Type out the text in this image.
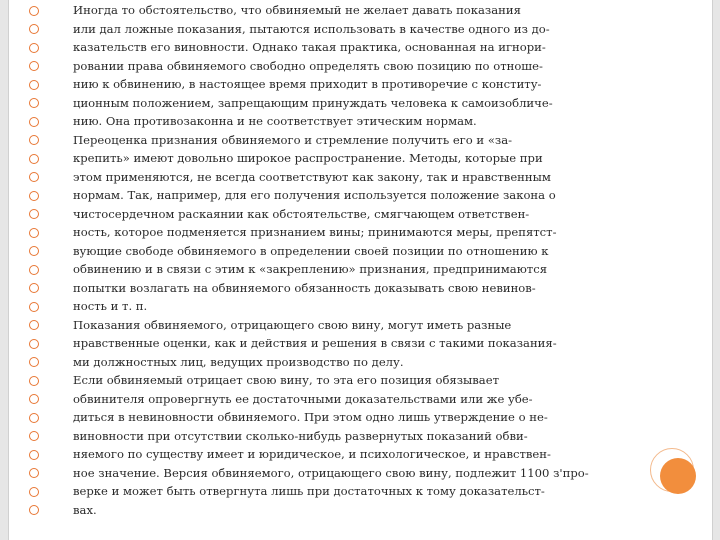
Иногда то обстоятельство, что обвиняемый не желает давать показания
или дал ложные показания, пытаются использовать в качестве одного из до-
казательств его виновности. Однако такая практика, основанная на игнори-
ровании права обвиняемого свободно определять свою позицию по отноше-
нию к обвинению, в настоящее время приходит в противоречие с конститу-
ционным положением, запрещающим принуждать человека к самоизобличе-
нию. Она противозаконна и не соответствует этическим нормам.
Переоценка признания обвиняемого и стремление получить его и «за-
крепить» имеют довольно широкое распространение. Методы, которые при
этом применяются, не всегда соответствуют как закону, так и нравственным
нормам. Так, например, для его получения используется положение закона о
чистосердечном раскаянии как обстоятельстве, смягчающем ответствен-
ность, которое подменяется признанием вины; принимаются меры, препятст-
вующие свободе обвиняемого в определении своей позиции по отношению к
обвинению и в связи с этим к «закреплению» признания, предпринимаются
попытки возлагать на обвиняемого обязанность доказывать свою невинов-
ность и т. п.
Показания обвиняемого, отрицающего свою вину, могут иметь разные
нравственные оценки, как и действия и решения в связи с такими показания-
ми должностных лиц, ведущих производство по делу.
Если обвиняемый отрицает свою вину, то эта его позиция обязывает
обвинителя опровергнуть ее достаточными доказательствами или же убе-
диться в невиновности обвиняемого. При этом одно лишь утверждение о не-
виновности при отсутствии сколько-нибудь развернутых показаний обви-
няемого по существу имеет и юридическое, и психологическое, и нравствен-
ное значение. Версия обвиняемого, отрицающего свою вину, подлежит 1100 з'про-
верке и может быть отвергнута лишь при достаточных к тому доказательст-
вах.
